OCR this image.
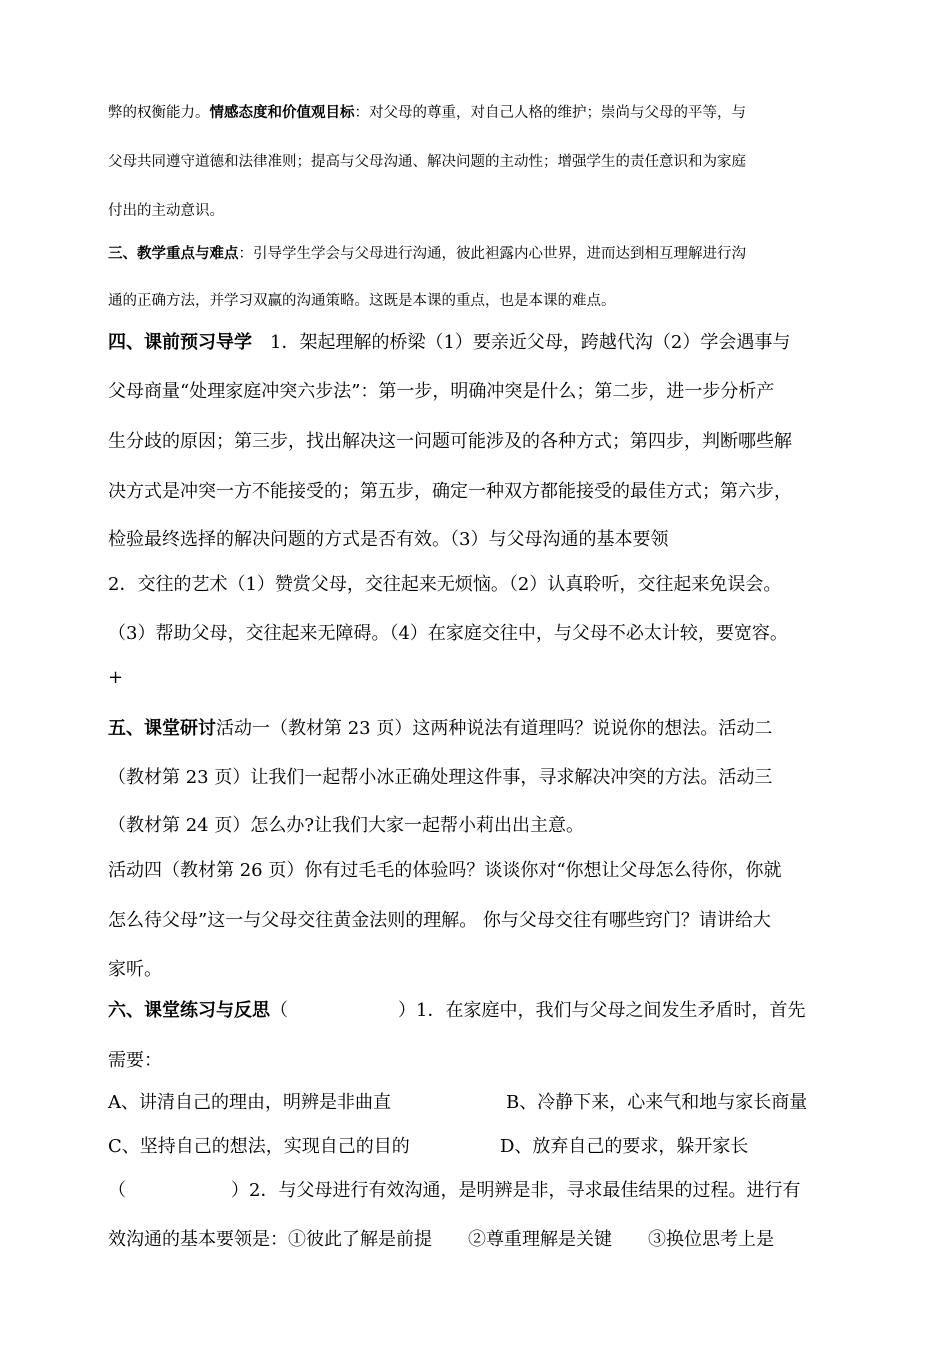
弊的权衡能力。情感态度和价值观目标：对父母的尊重，对自己人格的维护；崇尚与父母的平等，与
父母共同遵守道德和法律准则；提高与父母沟通、解决问题的主动性；增强学生的责任意识和为家庭
付出的主动意识。
三、教学重点与难点：引导学生学会与父母进行沟通，彼此袒露内心世界，进而达到相互理解进行沟
通的正确方法，并学习双赢的沟通策略。这既是本课的重点，也是本课的难点。
四、课前预习导学　1．架起理解的桥梁（1）要亲近父母，跨越代沟（2）学会遇事与
父母商量“处理家庭冲突六步法”：第一步，明确冲突是什么；第二步，进一步分析产
生分歧的原因；第三步，找出解决这一问题可能涉及的各种方式；第四步，判断哪些解
决方式是冲突一方不能接受的；第五步，确定一种双方都能接受的最佳方式；第六步，
检验最终选择的解决问题的方式是否有效。（3）与父母沟通的基本要领
2．交往的艺术（1）赞赏父母，交往起来无烦恼。（2）认真聆听，交往起来免误会。
（3）帮助父母，交往起来无障碍。（4）在家庭交往中，与父母不必太计较，要宽容。
+
五、课堂研讨活动一（教材第 23 页）这两种说法有道理吗？说说你的想法。活动二
（教材第 23 页）让我们一起帮小冰正确处理这件事，寻求解决冲突的方法。活动三
（教材第 24 页）怎么办?让我们大家一起帮小莉出出主意。
活动四（教材第 26 页）你有过毛毛的体验吗？谈谈你对“你想让父母怎么待你，你就
怎么待父母”这一与父母交往黄金法则的理解。 你与父母交往有哪些窍门？请讲给大
家听。
六、课堂练习与反思（	）1．在家庭中，我们与父母之间发生矛盾时，首先
需要：
A、讲清自己的理由，明辨是非曲直	B、冷静下来，心来气和地与家长商量
C、坚持自己的想法，实现自己的目的	D、放弃自己的要求，躲开家长
（	）2．与父母进行有效沟通，是明辨是非，寻求最佳结果的过程。进行有
效沟通的基本要领是：①彼此了解是前提　　②尊重理解是关键　　③换位思考上是
